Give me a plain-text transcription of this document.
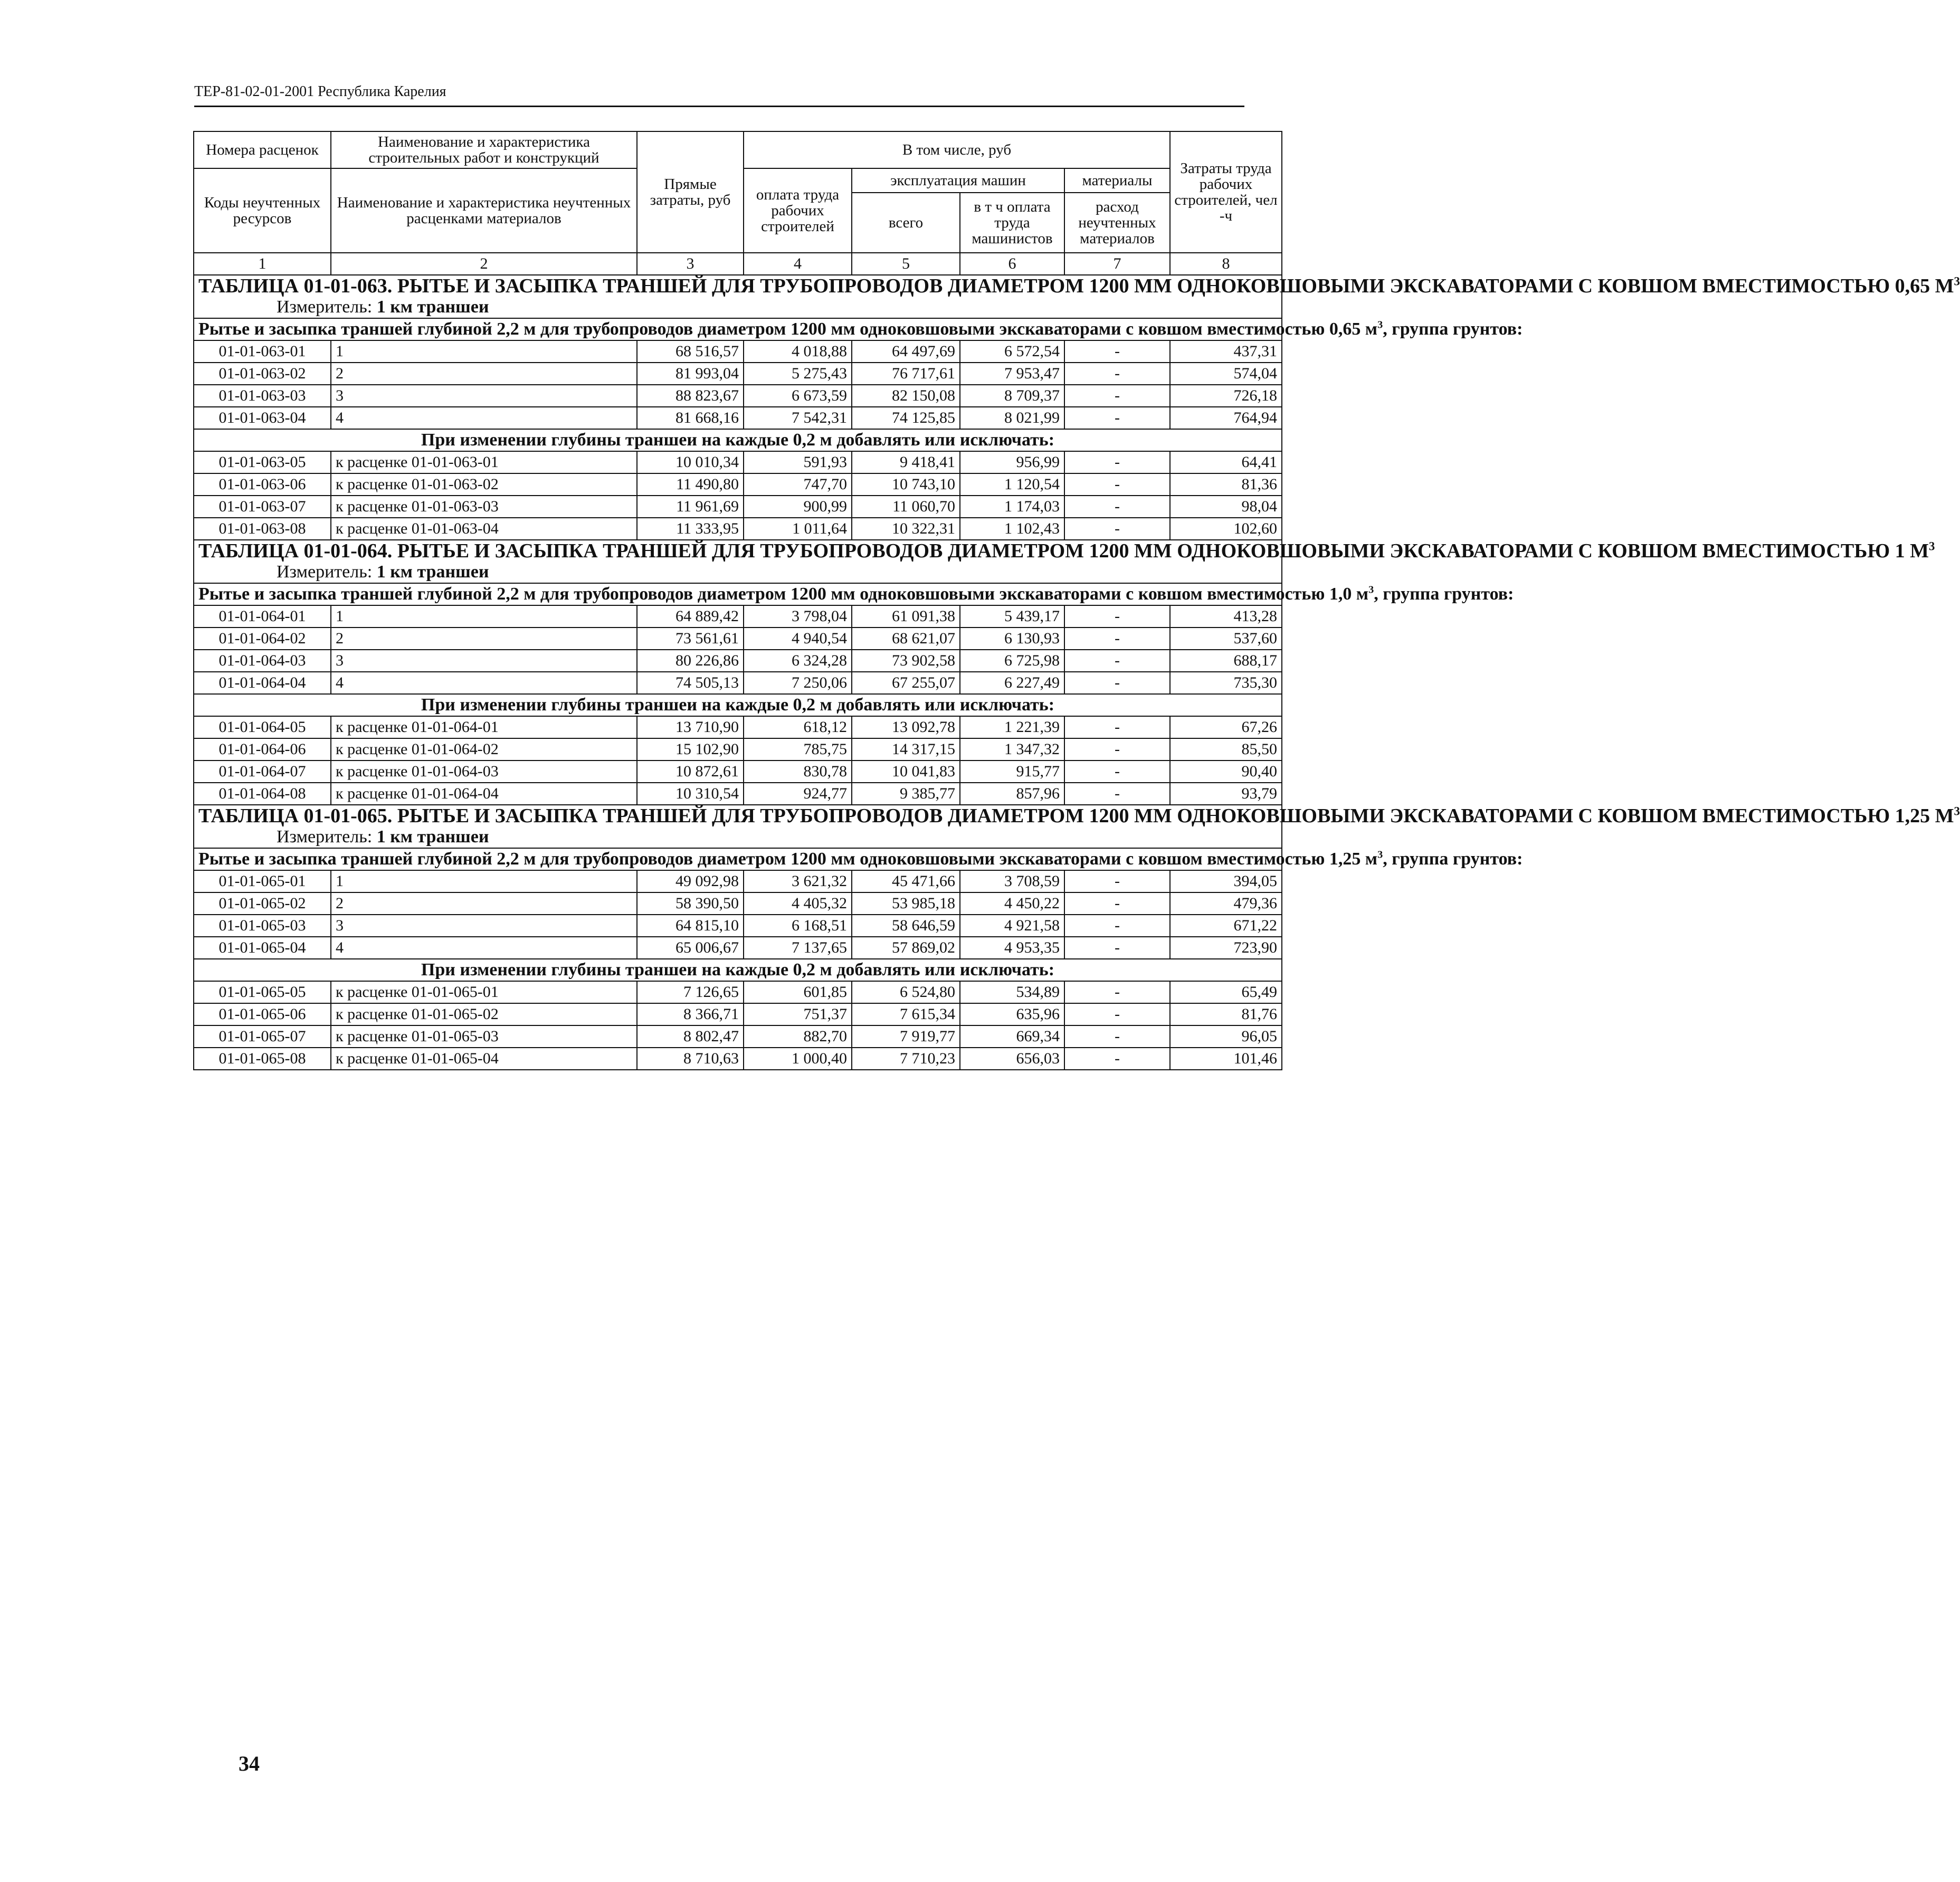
ТЕР-81-02-01-2001 Республика Карелия
Номера расценок	Наименование и характеристика строительных работ и конструкций	Прямые затраты, руб	В том числе, руб				Затраты труда рабочих строителей, чел -ч
Коды неучтенных ресурсов	Наименование и характеристика неучтенных расценками материалов		оплата труда рабочих строителей	эксплуатация машин		материалы	
				всего	в т ч оплата труда машинистов	расход неучтенных материалов	
1	2	3	4	5	6	7	8

ТАБЛИЦА 01-01-063. РЫТЬЕ И ЗАСЫПКА ТРАНШЕЙ ДЛЯ ТРУБОПРОВОДОВ ДИАМЕТРОМ 1200 ММ ОДНОКОВШОВЫМИ ЭКСКАВАТОРАМИ С КОВШОМ ВМЕСТИМОСТЬЮ 0,65 $М^3$
Измеритель: 1 км траншеи							

Рытье и засыпка траншей глубиной 2,2 м для трубопроводов диаметром 1200 мм одноковшовыми экскаваторами с ковшом вместимостью 0,65 $м^3$, группа грунтов:							
01-01-063-01	1	68 516,57	4 018,88	64 497,69	6 572,54	-	437,31
01-01-063-02	2	81 993,04	5 275,43	76 717,61	7 953,47	-	574,04
01-01-063-03	3	88 823,67	6 673,59	82 150,08	8 709,37	-	726,18
01-01-063-04	4	81 668,16	7 542,31	74 125,85	8 021,99	-	764,94
При изменении глубины траншеи на каждые 0,2 м добавлять или исключать:							
01-01-063-05	к расценке 01-01-063-01	10 010,34	591,93	9 418,41	956,99	-	64,41
01-01-063-06	к расценке 01-01-063-02	11 490,80	747,70	10 743,10	1 120,54	-	81,36
01-01-063-07	к расценке 01-01-063-03	11 961,69	900,99	11 060,70	1 174,03	-	98,04
01-01-063-08	к расценке 01-01-063-04	11 333,95	1 011,64	10 322,31	1 102,43	-	102,60

ТАБЛИЦА 01-01-064. РЫТЬЕ И ЗАСЫПКА ТРАНШЕЙ ДЛЯ ТРУБОПРОВОДОВ ДИАМЕТРОМ 1200 ММ ОДНОКОВШОВЫМИ ЭКСКАВАТОРАМИ С КОВШОМ ВМЕСТИМОСТЬЮ 1 $М^3$
Измеритель: 1 км траншеи							

Рытье и засыпка траншей глубиной 2,2 м для трубопроводов диаметром 1200 мм одноковшовыми экскаваторами с ковшом вместимостью 1,0 $м^3$, группа грунтов:							
01-01-064-01	1	64 889,42	3 798,04	61 091,38	5 439,17	-	413,28
01-01-064-02	2	73 561,61	4 940,54	68 621,07	6 130,93	-	537,60
01-01-064-03	3	80 226,86	6 324,28	73 902,58	6 725,98	-	688,17
01-01-064-04	4	74 505,13	7 250,06	67 255,07	6 227,49	-	735,30
При изменении глубины траншеи на каждые 0,2 м добавлять или исключать:							
01-01-064-05	к расценке 01-01-064-01	13 710,90	618,12	13 092,78	1 221,39	-	67,26
01-01-064-06	к расценке 01-01-064-02	15 102,90	785,75	14 317,15	1 347,32	-	85,50
01-01-064-07	к расценке 01-01-064-03	10 872,61	830,78	10 041,83	915,77	-	90,40
01-01-064-08	к расценке 01-01-064-04	10 310,54	924,77	9 385,77	857,96	-	93,79

ТАБЛИЦА 01-01-065. РЫТЬЕ И ЗАСЫПКА ТРАНШЕЙ ДЛЯ ТРУБОПРОВОДОВ ДИАМЕТРОМ 1200 ММ ОДНОКОВШОВЫМИ ЭКСКАВАТОРАМИ С КОВШОМ ВМЕСТИМОСТЬЮ 1,25 $М^3$
Измеритель: 1 км траншеи							

Рытье и засыпка траншей глубиной 2,2 м для трубопроводов диаметром 1200 мм одноковшовыми экскаваторами с ковшом вместимостью 1,25 $м^3$, группа грунтов:							
01-01-065-01	1	49 092,98	3 621,32	45 471,66	3 708,59	-	394,05
01-01-065-02	2	58 390,50	4 405,32	53 985,18	4 450,22	-	479,36
01-01-065-03	3	64 815,10	6 168,51	58 646,59	4 921,58	-	671,22
01-01-065-04	4	65 006,67	7 137,65	57 869,02	4 953,35	-	723,90
При изменении глубины траншеи на каждые 0,2 м добавлять или исключать:							
01-01-065-05	к расценке 01-01-065-01	7 126,65	601,85	6 524,80	534,89	-	65,49
01-01-065-06	к расценке 01-01-065-02	8 366,71	751,37	7 615,34	635,96	-	81,76
01-01-065-07	к расценке 01-01-065-03	8 802,47	882,70	7 919,77	669,34	-	96,05
01-01-065-08	к расценке 01-01-065-04	8 710,63	1 000,40	7 710,23	656,03	-	101,46
34
